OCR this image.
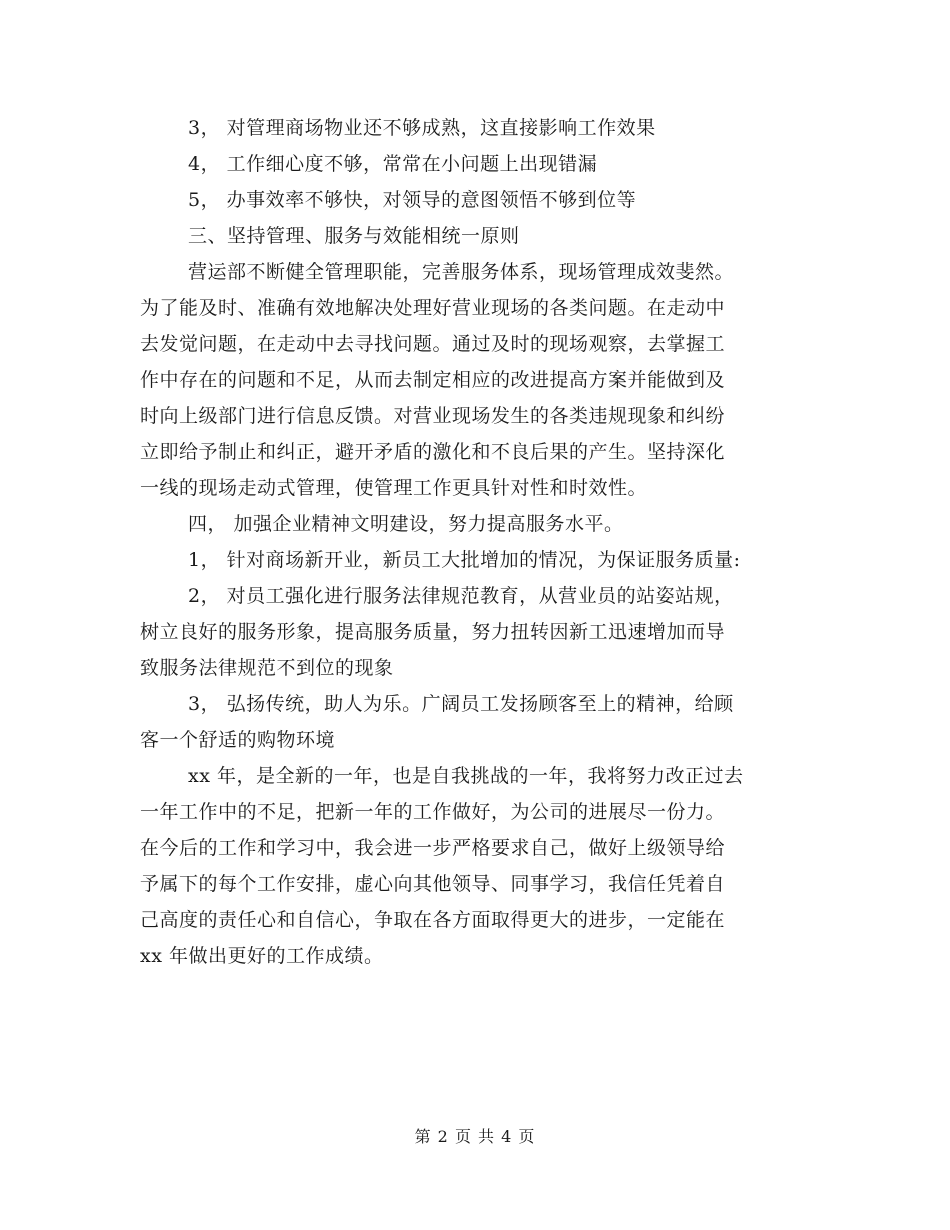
3， 对管理商场物业还不够成熟，这直接影响工作效果
4， 工作细心度不够，常常在小问题上出现错漏
5， 办事效率不够快，对领导的意图领悟不够到位等
三、坚持管理、服务与效能相统一原则
营运部不断健全管理职能，完善服务体系，现场管理成效斐然。
为了能及时、准确有效地解决处理好营业现场的各类问题。在走动中
去发觉问题，在走动中去寻找问题。通过及时的现场观察，去掌握工
作中存在的问题和不足，从而去制定相应的改进提高方案并能做到及
时向上级部门进行信息反馈。对营业现场发生的各类违规现象和纠纷
立即给予制止和纠正，避开矛盾的激化和不良后果的产生。坚持深化
一线的现场走动式管理，使管理工作更具针对性和时效性。
四， 加强企业精神文明建设，努力提高服务水平。
1， 针对商场新开业，新员工大批增加的情况，为保证服务质量:
2， 对员工强化进行服务法律规范教育，从营业员的站姿站规，
树立良好的服务形象，提高服务质量，努力扭转因新工迅速增加而导
致服务法律规范不到位的现象
3， 弘扬传统，助人为乐。广阔员工发扬顾客至上的精神，给顾
客一个舒适的购物环境
xx 年，是全新的一年，也是自我挑战的一年，我将努力改正过去
一年工作中的不足，把新一年的工作做好，为公司的进展尽一份力。
在今后的工作和学习中，我会进一步严格要求自己，做好上级领导给
予属下的每个工作安排，虚心向其他领导、同事学习，我信任凭着自
己高度的责任心和自信心，争取在各方面取得更大的进步，一定能在
xx 年做出更好的工作成绩。
第 2 页 共 4 页
